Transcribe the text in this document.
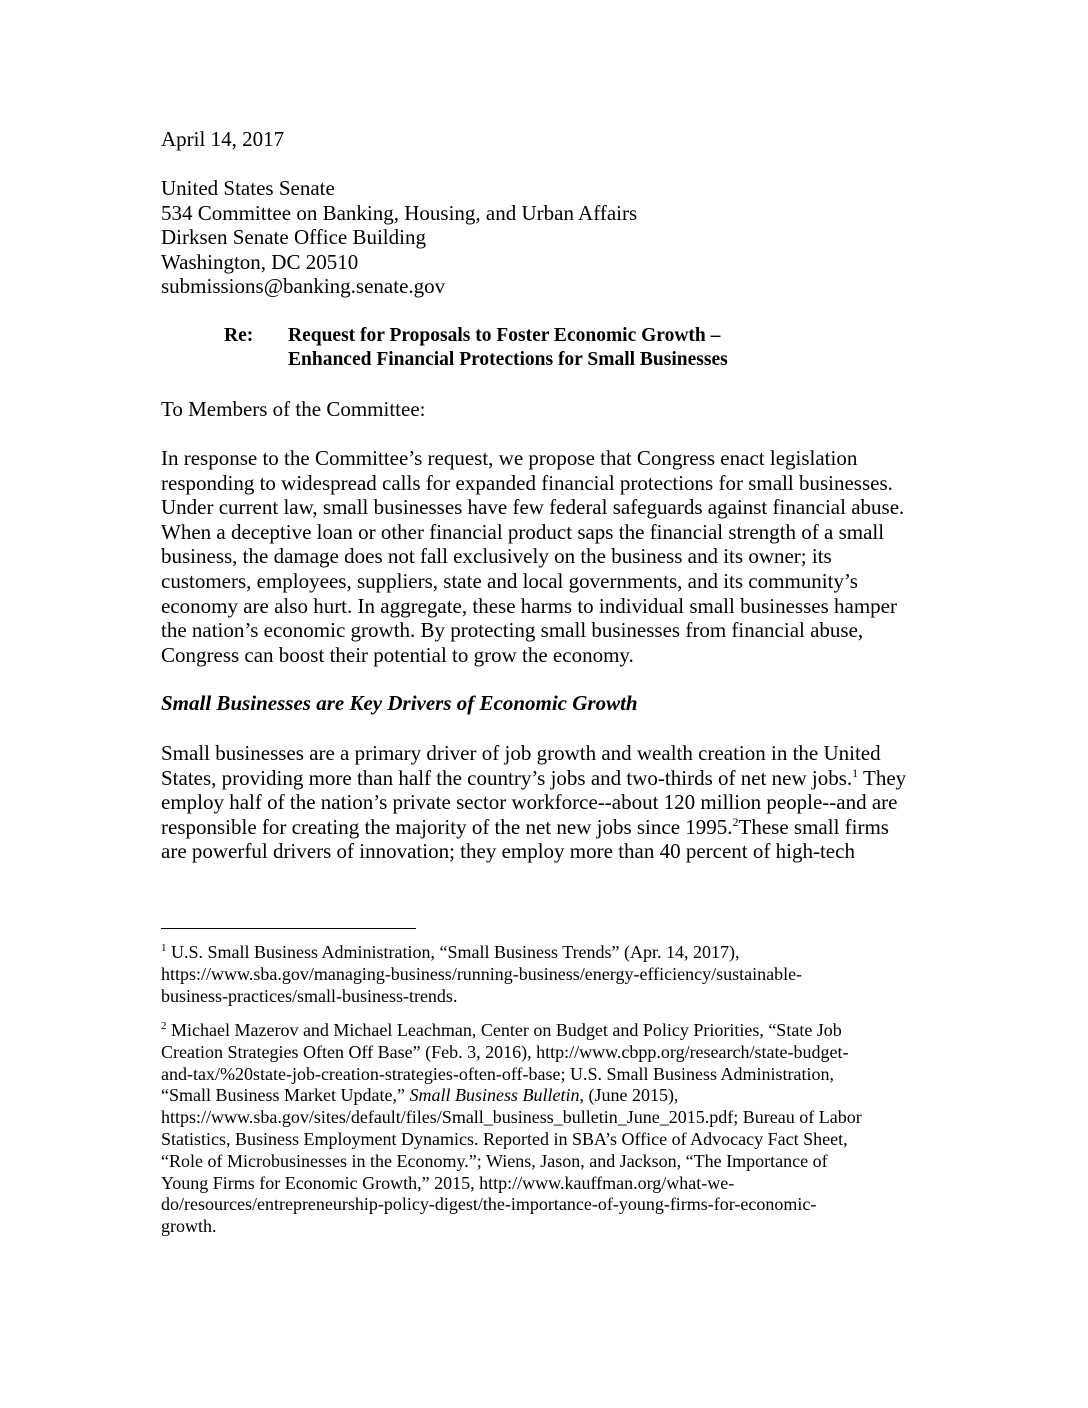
April 14, 2017
United States Senate
534 Committee on Banking, Housing, and Urban Affairs
Dirksen Senate Office Building
Washington, DC 20510
submissions@banking.senate.gov
Re: Request for Proposals to Foster Economic Growth –
Enhanced Financial Protections for Small Businesses
To Members of the Committee:
In response to the Committee’s request, we propose that Congress enact legislation
responding to widespread calls for expanded financial protections for small businesses.
Under current law, small businesses have few federal safeguards against financial abuse.
When a deceptive loan or other financial product saps the financial strength of a small
business, the damage does not fall exclusively on the business and its owner; its
customers, employees, suppliers, state and local governments, and its community’s
economy are also hurt. In aggregate, these harms to individual small businesses hamper
the nation’s economic growth. By protecting small businesses from financial abuse,
Congress can boost their potential to grow the economy.
Small Businesses are Key Drivers of Economic Growth
Small businesses are a primary driver of job growth and wealth creation in the United
States, providing more than half the country’s jobs and two-thirds of net new jobs.$^1$ They
employ half of the nation’s private sector workforce--about 120 million people--and are
responsible for creating the majority of the net new jobs since 1995.$^2$These small firms
are powerful drivers of innovation; they employ more than 40 percent of high-tech
$^1$ U.S. Small Business Administration, “Small Business Trends” (Apr. 14, 2017),
https://www.sba.gov/managing-business/running-business/energy-efficiency/sustainable-
business-practices/small-business-trends.
$^2$ Michael Mazerov and Michael Leachman, Center on Budget and Policy Priorities, “State Job
Creation Strategies Often Off Base” (Feb. 3, 2016), http://www.cbpp.org/research/state-budget-
and-tax/%20state-job-creation-strategies-often-off-base; U.S. Small Business Administration,
“Small Business Market Update,” Small Business Bulletin, (June 2015),
https://www.sba.gov/sites/default/files/Small_business_bulletin_June_2015.pdf; Bureau of Labor
Statistics, Business Employment Dynamics. Reported in SBA’s Office of Advocacy Fact Sheet,
“Role of Microbusinesses in the Economy.”; Wiens, Jason, and Jackson, “The Importance of
Young Firms for Economic Growth,” 2015, http://www.kauffman.org/what-we-
do/resources/entrepreneurship-policy-digest/the-importance-of-young-firms-for-economic-
growth.
